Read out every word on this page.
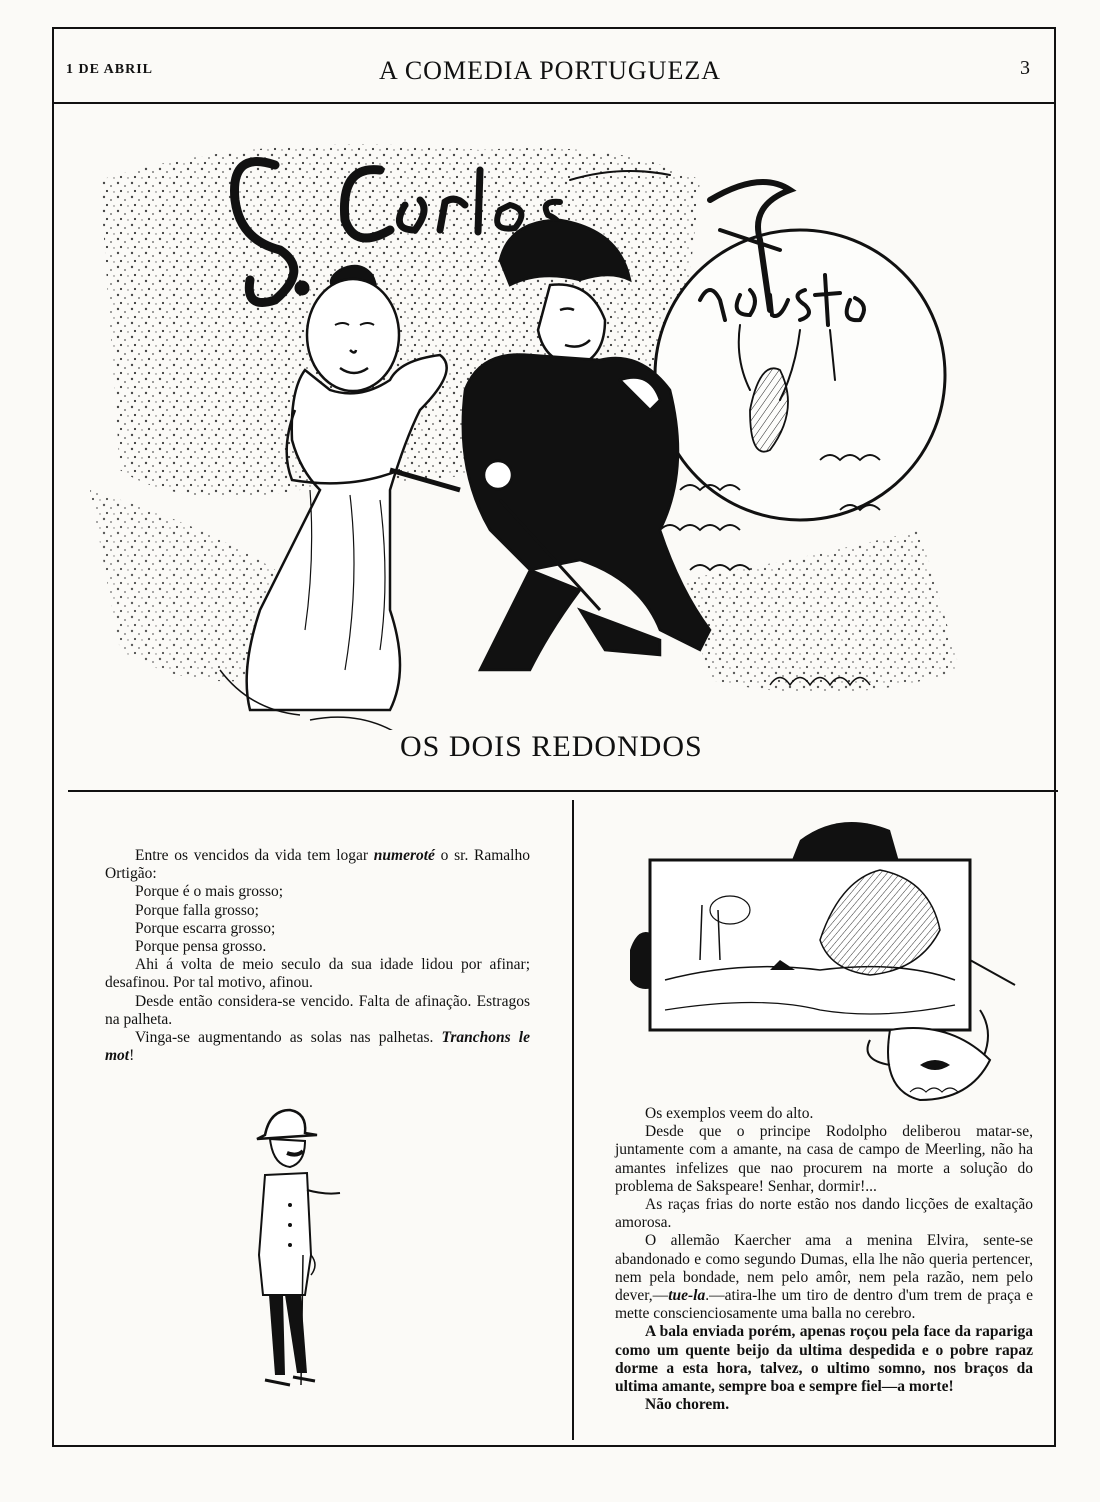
1 DE ABRIL	A COMEDIA PORTUGUEZA	3
OS DOIS REDONDOS

Entre os vencidos da vida tem logar numeroté o sr. Ramalho Ortigão:

Porque é o mais grosso;

Porque falla grosso;

Porque escarra grosso;

Porque pensa grosso.

Ahi á volta de meio seculo da sua idade lidou por afinar; desafinou. Por tal motivo, afinou.

Desde então considera-se vencido. Falta de afinação. Estragos na palheta.

Vinga-se augmentando as solas nas palhetas. Tranchons le mot!

Os exemplos veem do alto.

Desde que o principe Rodolpho deliberou matar-se, juntamente com a amante, na casa de campo de Meerling, não ha amantes infelizes que nao procurem na morte a solução do problema de Sakspeare! Senhar, dormir!...

As raças frias do norte estão nos dando licções de exaltação amorosa.

O allemão Kaercher ama a menina Elvira, sente-se abandonado e como segundo Dumas, ella lhe não queria pertencer, nem pela bondade, nem pelo amôr, nem pela razão, nem pelo dever,—tue-la.—atira-lhe um tiro de dentro d'um trem de praça e mette conscienciosamente uma balla no cerebro.

A bala enviada porém, apenas roçou pela face da rapariga como um quente beijo da ultima despedida e o pobre rapaz dorme a esta hora, talvez, o ultimo somno, nos braços da ultima amante, sempre boa e sempre fiel—a morte!

Não chorem.
